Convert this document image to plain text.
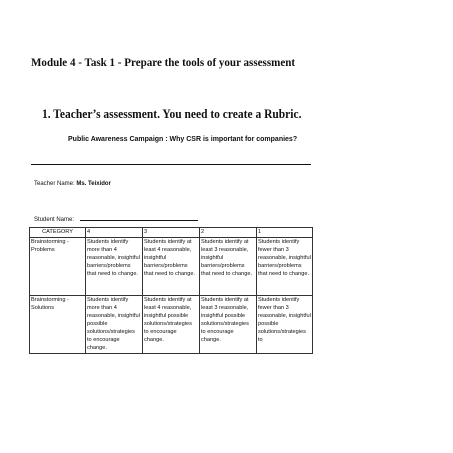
Module 4 - Task 1 - Prepare the tools of your assessment
1. Teacher’s assessment. You need to create a Rubric.
Public Awareness Campaign : Why CSR is important for companies?
Teacher Name: Ms. Teixidor
Student Name:
CATEGORY	4	3	2	1
Brainstorming - Problems	Students identify more than 4 reasonable, insightful barriers/problems that need to change.	Students identify at least 4 reasonable, insightful barriers/problems that need to change.	Students identify at least 3 reasonable, insightful barriers/problems that need to change.	Students identify fewer than 3 reasonable, insightful barriers/problems that need to change.
Brainstorming - Solutions	Students identify more than 4 reasonable, insightful possible solutions/strategies to encourage change.	Students identify at least 4 reasonable, insightful possible solutions/strategies to encourage change.	Students identify at least 3 reasonable, insightful possible solutions/strategies to encourage change.	Students identify fewer than 3 reasonable, insightful possible solutions/strategies to
